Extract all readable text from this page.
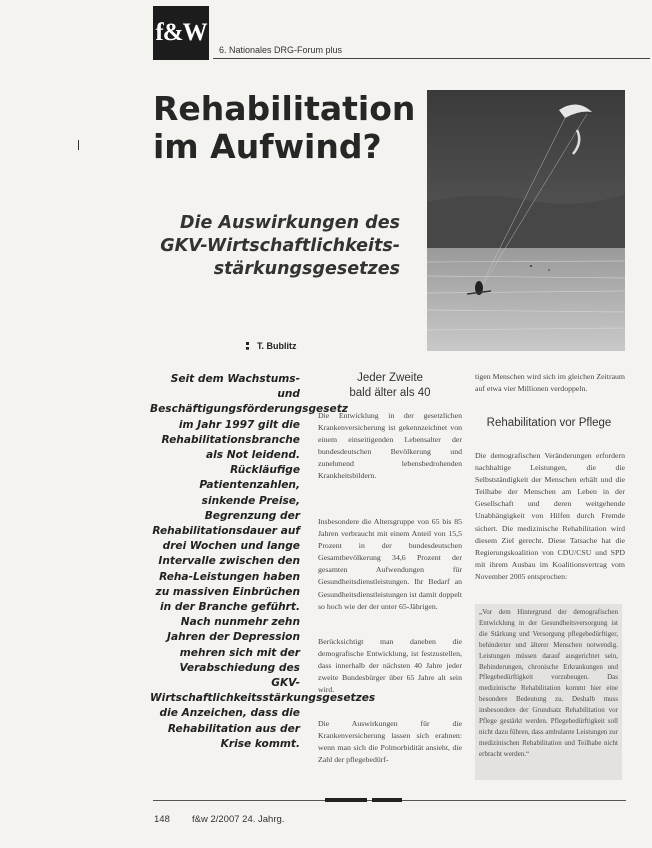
f&W
6. Nationales DRG-Forum plus
Rehabilitation
im Aufwind?
Die Auswirkungen des
GKV-Wirtschaftlichkeits-
stärkungsgesetzes
T. Bublitz

Seit dem Wachstums- und Beschäftigungsförderungsgesetz im Jahr 1997 gilt die Rehabilitationsbranche als Not leidend. Rückläufige Patientenzahlen, sinkende Preise, Begrenzung der Rehabilitationsdauer auf drei Wochen und lange Intervalle zwischen den Reha-Leistungen haben zu massiven Einbrüchen in der Branche geführt. Nach nunmehr zehn Jahren der Depression mehren sich mit der Verabschiedung des GKV-Wirtschaftlichkeitsstärkungsgesetzes die Anzeichen, dass die Rehabilitation aus der Krise kommt.

Jeder Zweite
bald älter als 40

Die Entwicklung in der gesetzlichen Krankenversicherung ist gekennzeichnet von einem einseitigenden Lebensalter der bundesdeutschen Bevölkerung und zunehmend lebensbedrohenden Krankheitsbildern.

Insbesondere die Altersgruppe von 65 bis 85 Jahren verbraucht mit einem Anteil von 15,5 Prozent in der bundesdeutschen Gesamtbevölkerung 34,6 Prozent der gesamten Aufwendungen für Gesundheitsdienstleistungen. Ihr Bedarf an Gesundheitsdienstleistungen ist damit doppelt so hoch wie der der unter 65-Jährigen.

Berücksichtigt man daneben die demografische Entwicklung, ist festzustellen, dass innerhalb der nächsten 40 Jahre jeder zweite Bundesbürger über 65 Jahre alt sein wird.

Die Auswirkungen für die Krankenversicherung lassen sich erahnen: wenn man sich die Polmorbidität ansieht, die Zahl der pflegebedürf-

tigen Menschen wird sich im gleichen Zeitraum auf etwa vier Millionen verdoppeln.

Rehabilitation vor Pflege

Die demografischen Veränderungen erfordern nachhaltige Leistungen, die die Selbstständigkeit der Menschen erhält und die Teilhabe der Menschen am Leben in der Gesellschaft und deren weitgehende Unabhängigkeit von Hilfen durch Fremde sichert. Die medizinische Rehabilitation wird diesem Ziel gerecht. Diese Tatsache hat die Regierungskoalition von CDU/CSU und SPD mit ihrem Ausbau im Koalitionsvertrag vom November 2005 entsprochen:

„Vor dem Hintergrund der demografischen Entwicklung in der Gesundheitsversorgung ist die Stärkung und Versorgung pflegebedürftiger, behinderter und älterer Menschen notwendig. Leistungen müssen darauf ausgerichtet sein, Behinderungen, chronische Erkrankungen und Pflegebedürftigkeit vorzubeugen. Das medizinische Rehabilitation kommt hier eine besondere Bedeutung zu. Deshalb muss insbesondere der Grundsatz Rehabilitation vor Pflege gestärkt werden. Pflegebedürftigkeit soll nicht dazu führen, dass ambulante Leistungen zur medizinischen Rehabilitation und Teilhabe nicht erbracht werden.“

148 f&w 2/2007 24. Jahrg.
